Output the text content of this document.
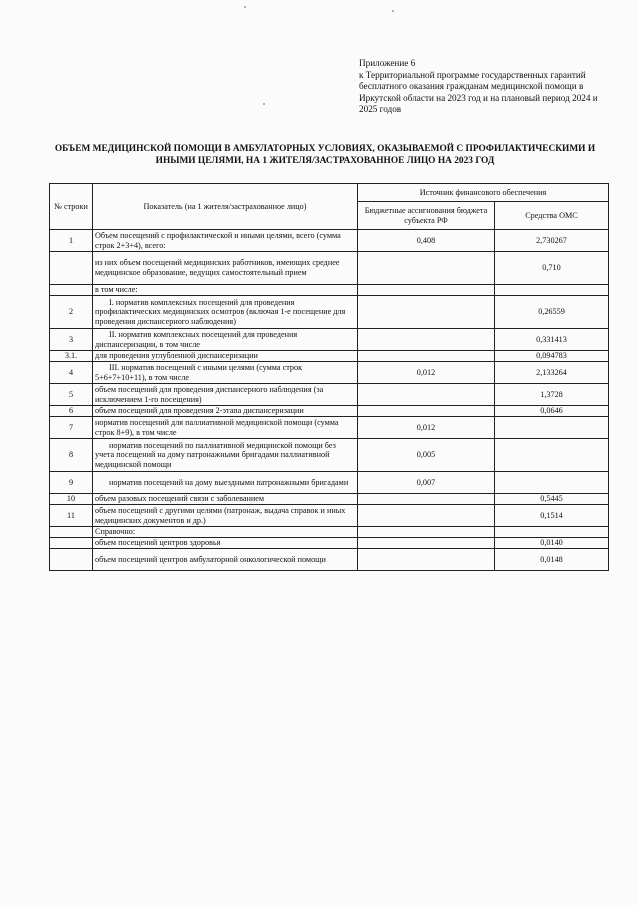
Приложение 6
к Территориальной программе государственных гарантий бесплатного оказания гражданам медицинской помощи в Иркутской области на 2023 год и на плановый период 2024 и 2025 годов
ОБЪЕМ МЕДИЦИНСКОЙ ПОМОЩИ В АМБУЛАТОРНЫХ УСЛОВИЯХ, ОКАЗЫВАЕМОЙ С ПРОФИЛАКТИЧЕСКИМИ И ИНЫМИ ЦЕЛЯМИ, НА 1 ЖИТЕЛЯ/ЗАСТРАХОВАННОЕ ЛИЦО НА 2023 ГОД
№ строки	Показатель (на 1 жителя/застрахованное лицо)	Источник финансового обеспечения	
		Бюджетные ассигнования бюджета субъекта РФ	Средства ОМС
1	Объем посещений с профилактической и иными целями, всего (сумма строк 2+3+4), всего:	0,408	2,730267
	из них объем посещений медицинских работников, имеющих среднее медицинское образование, ведущих самостоятельный прием		0,710
	в том числе:		
2	I. норматив комплексных посещений для проведения профилактических медицинских осмотров (включая 1-е посещение для проведения диспансерного наблюдения)		0,26559
3	II. норматив комплексных посещений для проведения диспансеризации, в том числе		0,331413
3.1.	для проведения углубленной диспансеризации		0,094783
4	III. норматив посещений с иными целями (сумма строк 5+6+7+10+11), в том числе	0,012	2,133264
5	объем посещений для проведения диспансерного наблюдения (за исключением 1-го посещения)		1,3728
6	объем посещений для проведения 2-этапа диспансеризации		0,0646
7	норматив посещений для паллиативной медицинской помощи (сумма строк 8+9), в том числе	0,012	
8	норматив посещений по паллиативной медицинской помощи без учета посещений на дому патронажными бригадами паллиативной медицинской помощи	0,005	
9	норматив посещений на дому выездными патронажными бригадами	0,007	
10	объем разовых посещений связи с заболеванием		0,5445
11	объем посещений с другими целями (патронаж, выдача справок и иных медицинских документов и др.)		0,1514
	Справочно:		
	объем посещений центров здоровья		0,0140
	объем посещений центров амбулаторной онкологической помощи		0,0148
